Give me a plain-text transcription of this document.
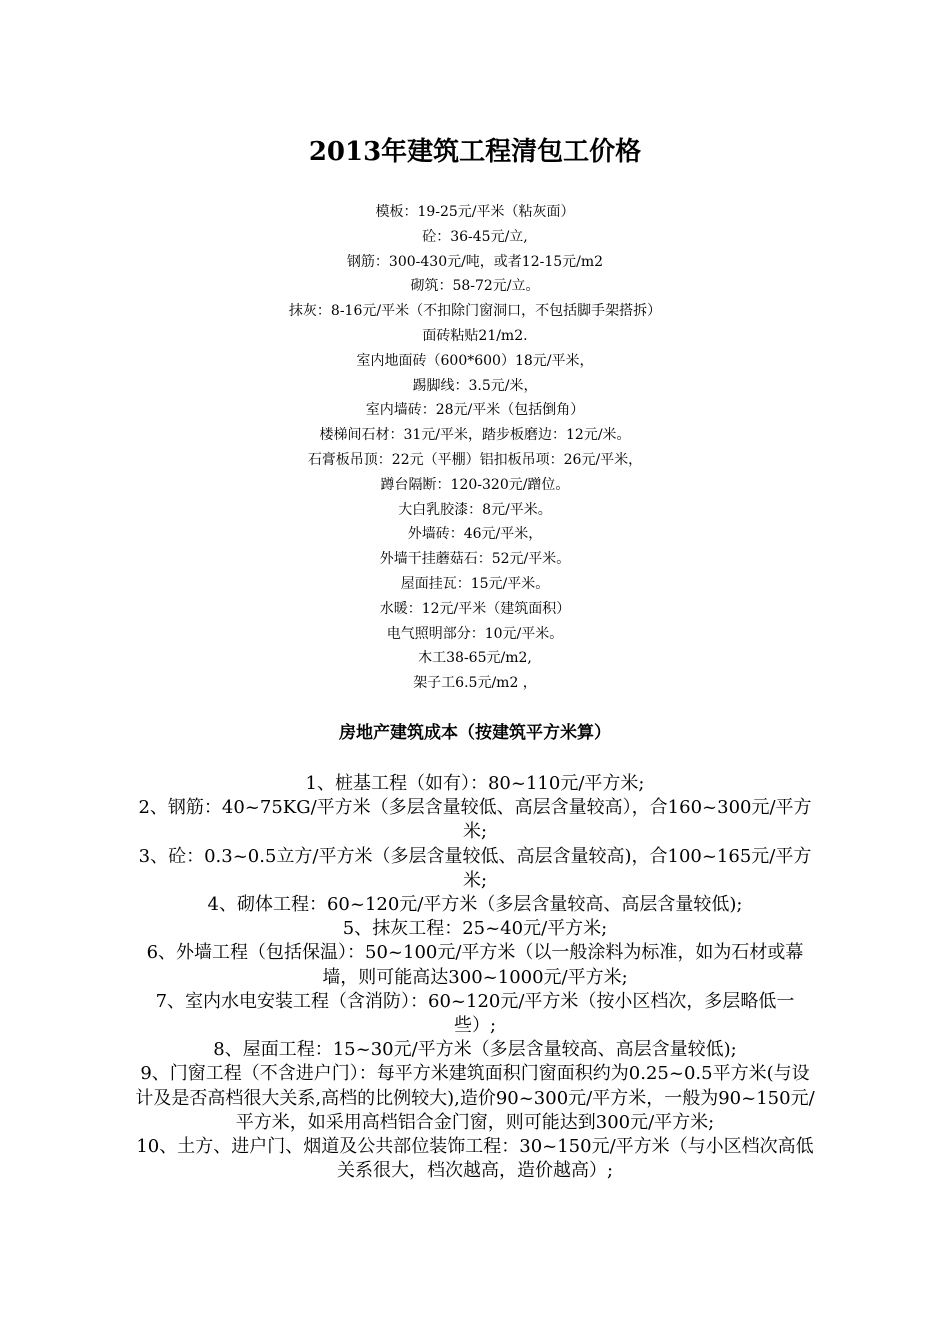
2013年建筑工程清包工价格
模板：19-25元/平米（粘灰面）
砼：36-45元/立,
钢筋：300-430元/吨，或者12-15元/m2
砌筑：58-72元/立。
抹灰：8-16元/平米（不扣除门窗洞口，不包括脚手架搭拆）
面砖粘贴21/m2.
室内地面砖（600*600）18元/平米，
踢脚线：3.5元/米，
室内墙砖：28元/平米（包括倒角）
楼梯间石材：31元/平米，踏步板磨边：12元/米。
石膏板吊顶：22元（平棚）铝扣板吊项：26元/平米，
蹲台隔断：120-320元/蹭位。
大白乳胶漆：8元/平米。
外墙砖：46元/平米，
外墙干挂蘑菇石：52元/平米。
屋面挂瓦：15元/平米。
水暖：12元/平米（建筑面积）
电气照明部分：10元/平米。
木工38-65元/m2,
架子工6.5元/m2 ，
房地产建筑成本（按建筑平方米算）
1、桩基工程（如有）：80~110元/平方米;
2、钢筋：40~75KG/平方米（多层含量较低、高层含量较高），合160~300元/平方米;
3、砼：0.3~0.5立方/平方米（多层含量较低、高层含量较高)，合100~165元/平方米;
4、砌体工程：60~120元/平方米（多层含量较高、高层含量较低);
5、抹灰工程：25~40元/平方米;
6、外墙工程（包括保温）：50~100元/平方米（以一般涂料为标准，如为石材或幕墙，则可能高达300~1000元/平方米;
7、室内水电安装工程（含消防）：60~120元/平方米（按小区档次，多层略低一些）;
8、屋面工程：15~30元/平方米（多层含量较高、高层含量较低);
9、门窗工程（不含进户门）：每平方米建筑面积门窗面积约为0.25~0.5平方米(与设计及是否高档很大关系,高档的比例较大),造价90~300元/平方米，一般为90~150元/平方米，如采用高档铝合金门窗，则可能达到300元/平方米;
10、土方、进户门、烟道及公共部位装饰工程：30~150元/平方米（与小区档次高低关系很大，档次越高，造价越高）;
